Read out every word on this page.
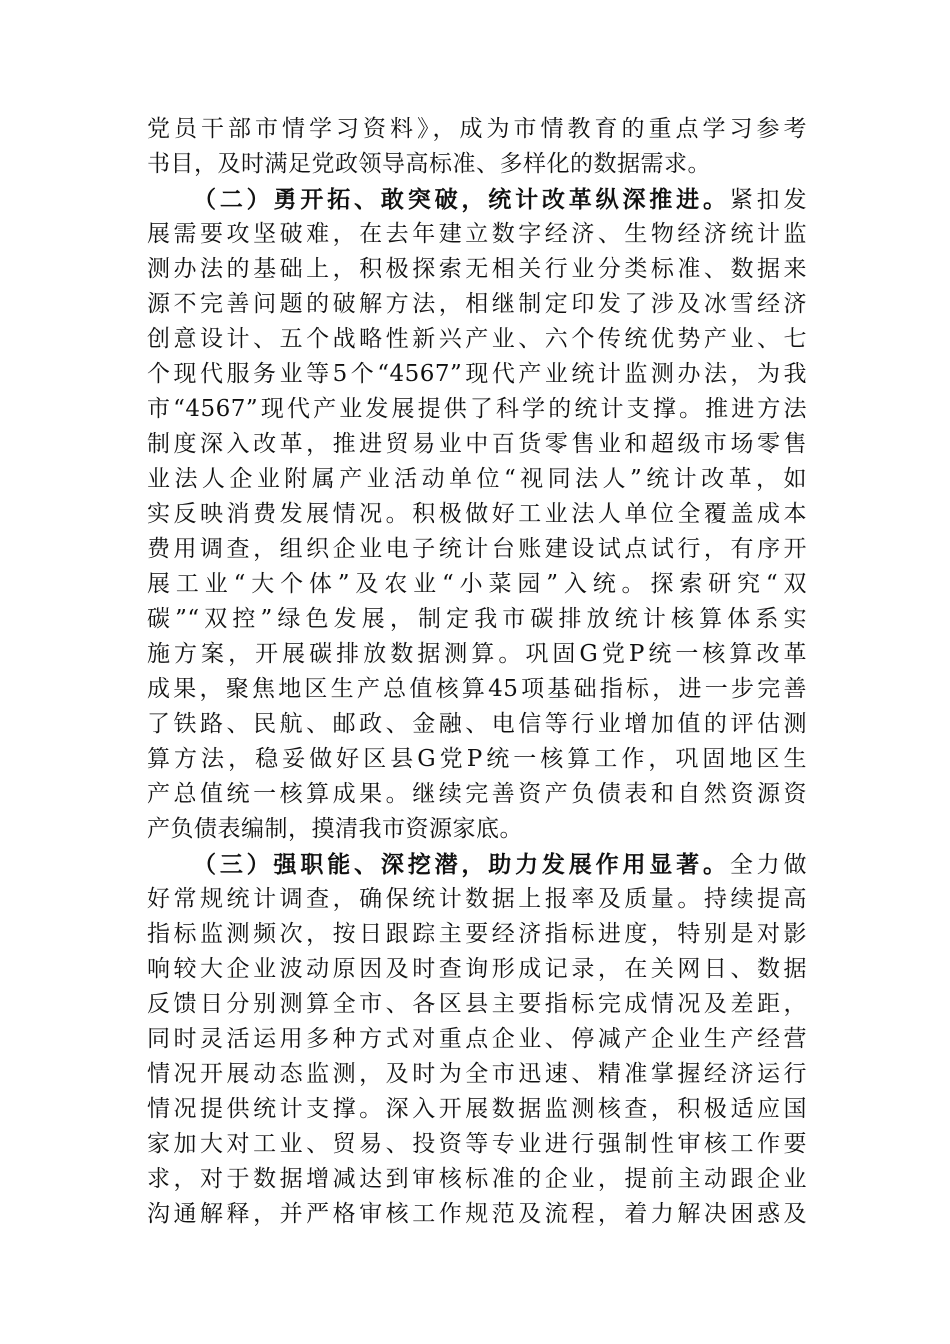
党员干部市情学习资料》，成为市情教育的重点学习参考
书目，及时满足党政领导高标准、多样化的数据需求。
（二）勇开拓、敢突破，统计改革纵深推进。紧扣发
展需要攻坚破难，在去年建立数字经济、生物经济统计监
测办法的基础上，积极探索无相关行业分类标准、数据来
源不完善问题的破解方法，相继制定印发了涉及冰雪经济
创意设计、五个战略性新兴产业、六个传统优势产业、七
个现代服务业等5个“4567”现代产业统计监测办法，为我
市“4567”现代产业发展提供了科学的统计支撑。推进方法
制度深入改革，推进贸易业中百货零售业和超级市场零售
业法人企业附属产业活动单位“视同法人”统计改革，如
实反映消费发展情况。积极做好工业法人单位全覆盖成本
费用调查，组织企业电子统计台账建设试点试行，有序开
展工业“大个体”及农业“小菜园”入统。探索研究“双
碳”“双控”绿色发展，制定我市碳排放统计核算体系实
施方案，开展碳排放数据测算。巩固G党P统一核算改革
成果，聚焦地区生产总值核算45项基础指标，进一步完善
了铁路、民航、邮政、金融、电信等行业增加值的评估测
算方法，稳妥做好区县G党P统一核算工作，巩固地区生
产总值统一核算成果。继续完善资产负债表和自然资源资
产负债表编制，摸清我市资源家底。
（三）强职能、深挖潜，助力发展作用显著。全力做
好常规统计调查，确保统计数据上报率及质量。持续提高
指标监测频次，按日跟踪主要经济指标进度，特别是对影
响较大企业波动原因及时查询形成记录，在关网日、数据
反馈日分别测算全市、各区县主要指标完成情况及差距，
同时灵活运用多种方式对重点企业、停减产企业生产经营
情况开展动态监测，及时为全市迅速、精准掌握经济运行
情况提供统计支撑。深入开展数据监测核查，积极适应国
家加大对工业、贸易、投资等专业进行强制性审核工作要
求，对于数据增减达到审核标准的企业，提前主动跟企业
沟通解释，并严格审核工作规范及流程，着力解决困惑及
